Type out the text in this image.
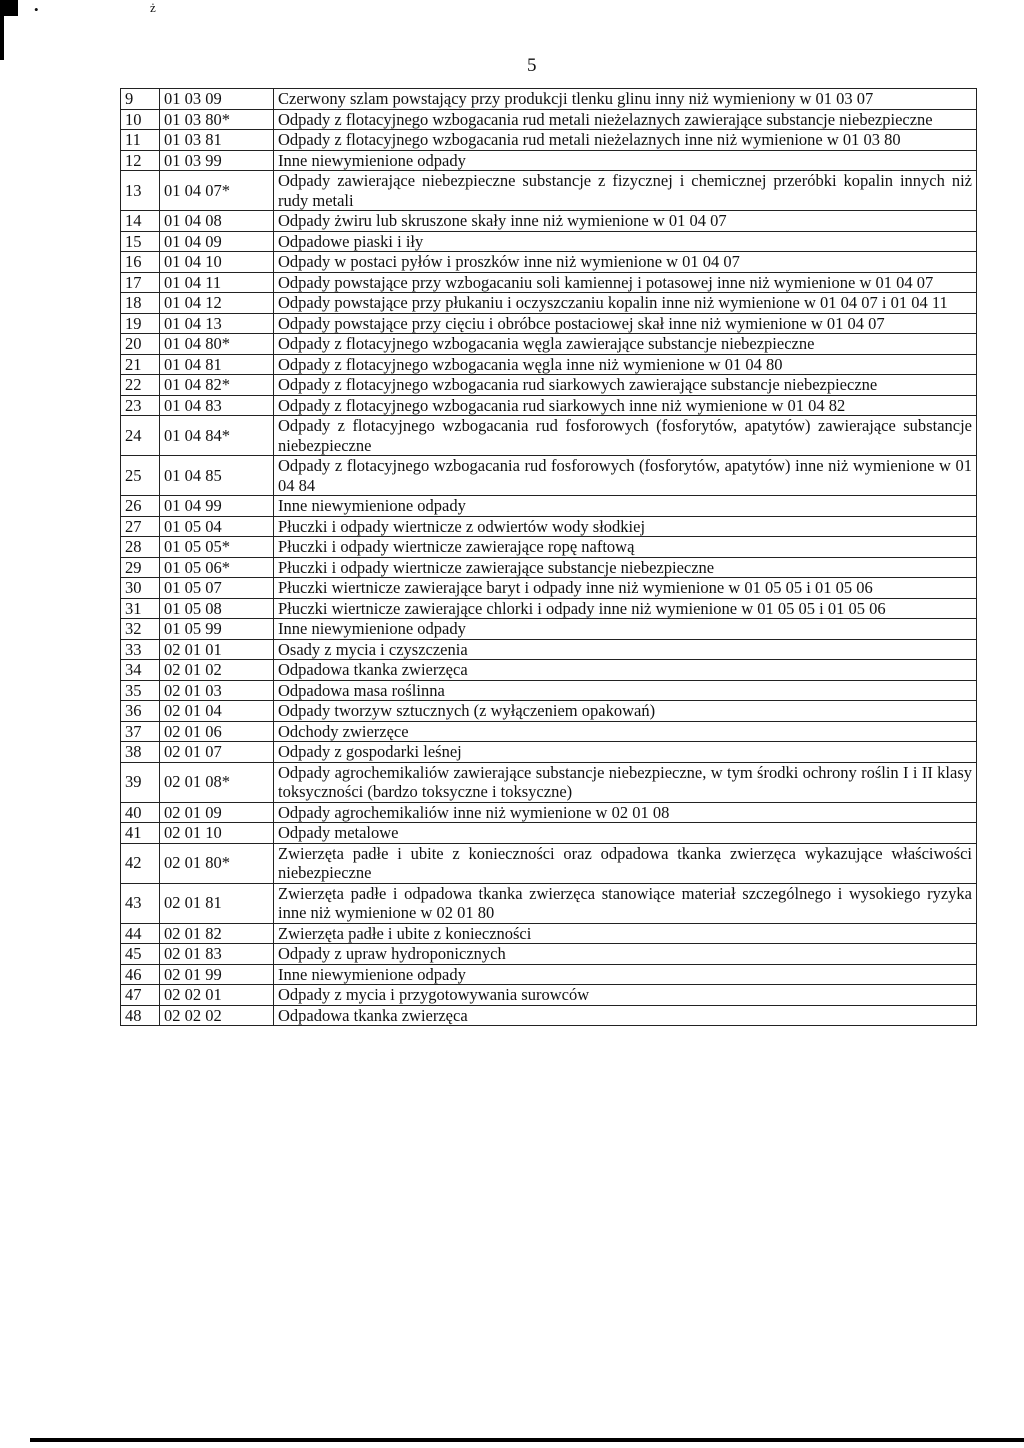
•	ż
5
9	01 03 09	Czerwony szlam powstający przy produkcji tlenku glinu inny niż wymieniony w 01 03 07
10	01 03 80*	Odpady z flotacyjnego wzbogacania rud metali nieżelaznych zawierające substancje niebezpieczne
11	01 03 81	Odpady z flotacyjnego wzbogacania rud metali nieżelaznych inne niż wymienione w 01 03 80
12	01 03 99	Inne niewymienione odpady
13	01 04 07*	Odpady zawierające niebezpieczne substancje z fizycznej i chemicznej przeróbki kopalin innych niż rudy metali
14	01 04 08	Odpady żwiru lub skruszone skały inne niż wymienione w 01 04 07
15	01 04 09	Odpadowe piaski i iły
16	01 04 10	Odpady w postaci pyłów i proszków inne niż wymienione w 01 04 07
17	01 04 11	Odpady powstające przy wzbogacaniu soli kamiennej i potasowej inne niż wymienione w 01 04 07
18	01 04 12	Odpady powstające przy płukaniu i oczyszczaniu kopalin inne niż wymienione w 01 04 07 i 01 04 11
19	01 04 13	Odpady powstające przy cięciu i obróbce postaciowej skał inne niż wymienione w 01 04 07
20	01 04 80*	Odpady z flotacyjnego wzbogacania węgla zawierające substancje niebezpieczne
21	01 04 81	Odpady z flotacyjnego wzbogacania węgla inne niż wymienione w 01 04 80
22	01 04 82*	Odpady z flotacyjnego wzbogacania rud siarkowych zawierające substancje niebezpieczne
23	01 04 83	Odpady z flotacyjnego wzbogacania rud siarkowych inne niż wymienione w 01 04 82
24	01 04 84*	Odpady z flotacyjnego wzbogacania rud fosforowych (fosforytów, apatytów) zawierające substancje niebezpieczne
25	01 04 85	Odpady z flotacyjnego wzbogacania rud fosforowych (fosforytów, apatytów) inne niż wymienione w 01 04 84
26	01 04 99	Inne niewymienione odpady
27	01 05 04	Płuczki i odpady wiertnicze z odwiertów wody słodkiej
28	01 05 05*	Płuczki i odpady wiertnicze zawierające ropę naftową
29	01 05 06*	Płuczki i odpady wiertnicze zawierające substancje niebezpieczne
30	01 05 07	Płuczki wiertnicze zawierające baryt i odpady inne niż wymienione w 01 05 05 i 01 05 06
31	01 05 08	Płuczki wiertnicze zawierające chlorki i odpady inne niż wymienione w 01 05 05 i 01 05 06
32	01 05 99	Inne niewymienione odpady
33	02 01 01	Osady z mycia i czyszczenia
34	02 01 02	Odpadowa tkanka zwierzęca
35	02 01 03	Odpadowa masa roślinna
36	02 01 04	Odpady tworzyw sztucznych (z wyłączeniem opakowań)
37	02 01 06	Odchody zwierzęce
38	02 01 07	Odpady z gospodarki leśnej
39	02 01 08*	Odpady agrochemikaliów zawierające substancje niebezpieczne, w tym środki ochrony roślin I i II klasy toksyczności (bardzo toksyczne i toksyczne)
40	02 01 09	Odpady agrochemikaliów inne niż wymienione w 02 01 08
41	02 01 10	Odpady metalowe
42	02 01 80*	Zwierzęta padłe i ubite z konieczności oraz odpadowa tkanka zwierzęca wykazujące właściwości niebezpieczne
43	02 01 81	Zwierzęta padłe i odpadowa tkanka zwierzęca stanowiące materiał szczególnego i wysokiego ryzyka inne niż wymienione w 02 01 80
44	02 01 82	Zwierzęta padłe i ubite z konieczności
45	02 01 83	Odpady z upraw hydroponicznych
46	02 01 99	Inne niewymienione odpady
47	02 02 01	Odpady z mycia i przygotowywania surowców
48	02 02 02	Odpadowa tkanka zwierzęca
